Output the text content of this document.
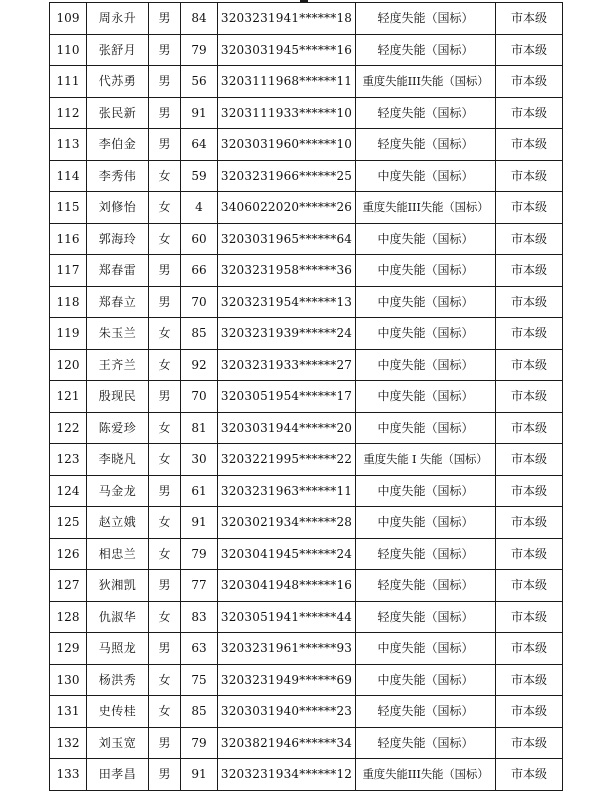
109	周永升	男	84	3203231941******18	轻度失能（国标）	市本级
110	张舒月	男	79	3203031945******16	轻度失能（国标）	市本级
111	代苏勇	男	56	3203111968******11	重度失能III失能（国标）	市本级
112	张民新	男	91	3203111933******10	轻度失能（国标）	市本级
113	李伯金	男	64	3203031960******10	轻度失能（国标）	市本级
114	李秀伟	女	59	3203231966******25	中度失能（国标）	市本级
115	刘修怡	女	4	3406022020******26	重度失能III失能（国标）	市本级
116	郭海玲	女	60	3203031965******64	中度失能（国标）	市本级
117	郑春雷	男	66	3203231958******36	中度失能（国标）	市本级
118	郑春立	男	70	3203231954******13	中度失能（国标）	市本级
119	朱玉兰	女	85	3203231939******24	中度失能（国标）	市本级
120	王齐兰	女	92	3203231933******27	中度失能（国标）	市本级
121	殷现民	男	70	3203051954******17	中度失能（国标）	市本级
122	陈爱珍	女	81	3203031944******20	中度失能（国标）	市本级
123	李晓凡	女	30	3203221995******22	重度失能 I 失能（国标）	市本级
124	马金龙	男	61	3203231963******11	中度失能（国标）	市本级
125	赵立娥	女	91	3203021934******28	中度失能（国标）	市本级
126	相忠兰	女	79	3203041945******24	轻度失能（国标）	市本级
127	狄湘凯	男	77	3203041948******16	轻度失能（国标）	市本级
128	仇淑华	女	83	3203051941******44	轻度失能（国标）	市本级
129	马照龙	男	63	3203231961******93	中度失能（国标）	市本级
130	杨洪秀	女	75	3203231949******69	中度失能（国标）	市本级
131	史传桂	女	85	3203031940******23	轻度失能（国标）	市本级
132	刘玉宽	男	79	3203821946******34	轻度失能（国标）	市本级
133	田孝昌	男	91	3203231934******12	重度失能III失能（国标）	市本级
